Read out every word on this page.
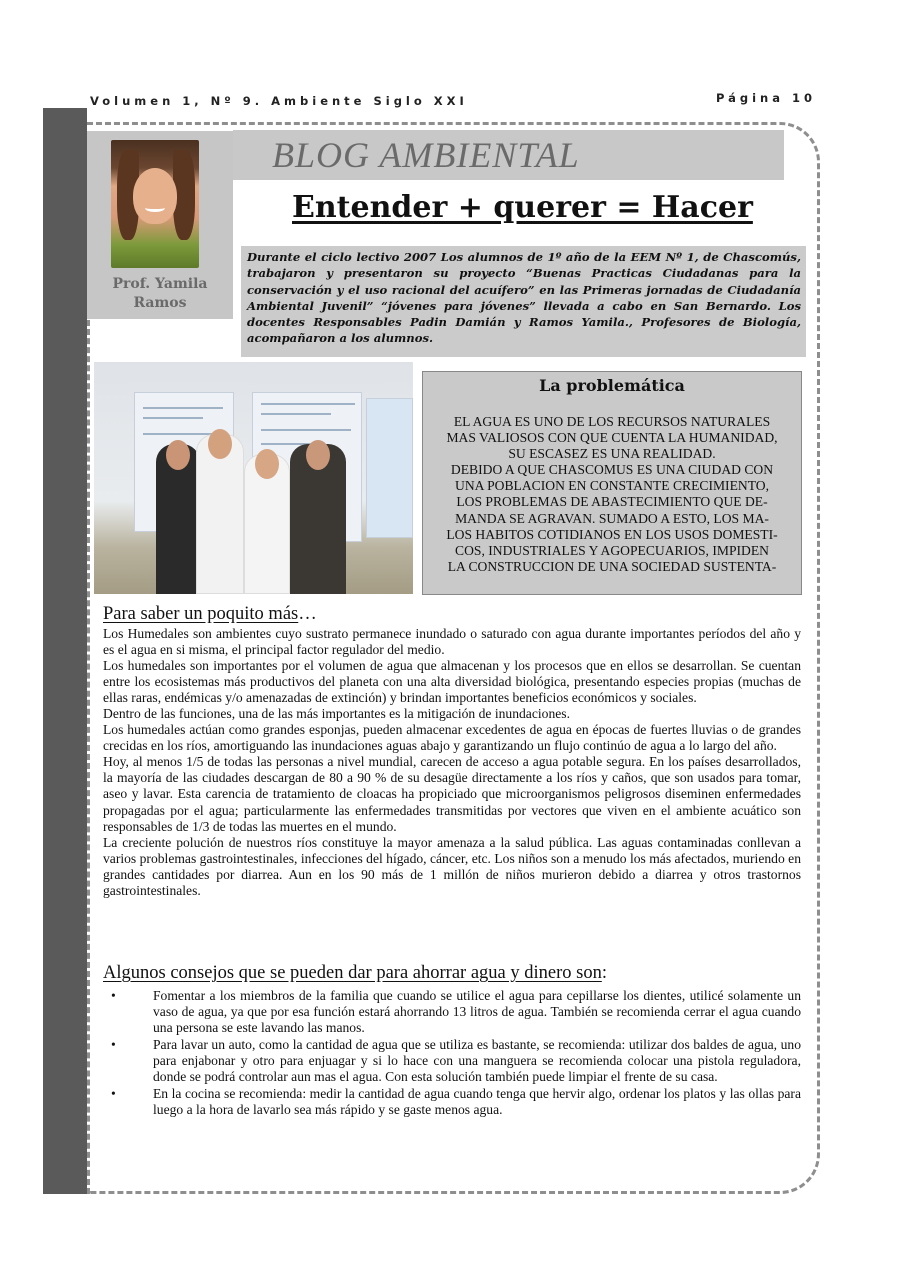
Volumen 1, Nº 9. Ambiente Siglo XXI	Página 10
Prof. Yamila
Ramos
BLOG AMBIENTAL
Entender + querer = Hacer
Durante el ciclo lectivo 2007 Los alumnos de 1º año de la EEM Nº 1, de Chascomús, trabajaron y presentaron su proyecto “Buenas Practicas Ciudadanas para la conservación y el uso racional del acuífero” en las Primeras jornadas de Ciudadanía Ambiental Juvenil” “jóvenes para jóvenes” llevada a cabo en San Bernardo. Los docentes Responsables Padin Damián y Ramos Yamila., Profesores de Biología, acompañaron a los alumnos.
La problemática
EL AGUA ES UNO DE LOS RECURSOS NATURALES
MAS VALIOSOS CON QUE CUENTA LA HUMANIDAD,
SU ESCASEZ ES UNA REALIDAD.
DEBIDO A QUE CHASCOMUS ES UNA CIUDAD CON
UNA POBLACION EN CONSTANTE CRECIMIENTO,
LOS PROBLEMAS DE ABASTECIMIENTO QUE DE-
MANDA SE AGRAVAN. SUMADO A ESTO, LOS MA-
LOS HABITOS COTIDIANOS EN LOS USOS DOMESTI-
COS, INDUSTRIALES Y AGOPECUARIOS, IMPIDEN
LA CONSTRUCCION DE UNA SOCIEDAD SUSTENTA-
Para saber un poquito más…

Los Humedales son ambientes cuyo sustrato permanece inundado o saturado con agua durante importantes períodos del año y es el agua en si misma, el principal factor regulador del medio.

Los humedales son importantes por el volumen de agua que almacenan y los procesos que en ellos se desarrollan. Se cuentan entre los ecosistemas más productivos del planeta con una alta diversidad biológica, presentando especies propias (muchas de ellas raras, endémicas y/o amenazadas de extinción) y brindan importantes beneficios económicos y sociales.

Dentro de las funciones, una de las más importantes es la mitigación de inundaciones.

Los humedales actúan como grandes esponjas, pueden almacenar excedentes de agua en épocas de fuertes lluvias o de grandes crecidas en los ríos, amortiguando las inundaciones aguas abajo y garantizando un flujo continúo de agua a lo largo del año.

Hoy, al menos 1/5 de todas las personas a nivel mundial, carecen de acceso a agua potable segura. En los países desarrollados, la mayoría de las ciudades descargan de 80 a 90 % de su desagüe directamente a los ríos y caños, que son usados para tomar, aseo y lavar. Esta carencia de tratamiento de cloacas ha propiciado que microorganismos peligrosos diseminen enfermedades propagadas por el agua; particularmente las enfermedades transmitidas por vectores que viven en el ambiente acuático son responsables de 1/3 de todas las muertes en el mundo.

La creciente polución de nuestros ríos constituye la mayor amenaza a la salud pública. Las aguas contaminadas conllevan a varios problemas gastrointestinales, infecciones del hígado, cáncer, etc. Los niños son a menudo los más afectados, muriendo en grandes cantidades por diarrea. Aun en los 90 más de 1 millón de niños murieron debido a diarrea y otros trastornos gastrointestinales.

Algunos consejos que se pueden dar para ahorrar agua y dinero son:
•	Fomentar a los miembros de la familia que cuando se utilice el agua para cepillarse los dientes, utilicé solamente un vaso de agua, ya que por esa función estará ahorrando 13 litros de agua. También se recomienda cerrar el agua cuando una persona se este lavando las manos.
•	Para lavar un auto, como la cantidad de agua que se utiliza es bastante, se recomienda: utilizar dos baldes de agua, uno para enjabonar y otro para enjuagar y si lo hace con una manguera se recomienda colocar una pistola reguladora, donde se podrá controlar aun mas el agua. Con esta solución también puede limpiar el frente de su casa.
•	En la cocina se recomienda: medir la cantidad de agua cuando tenga que hervir algo, ordenar los platos y las ollas para luego a la hora de lavarlo sea más rápido y se gaste menos agua.
